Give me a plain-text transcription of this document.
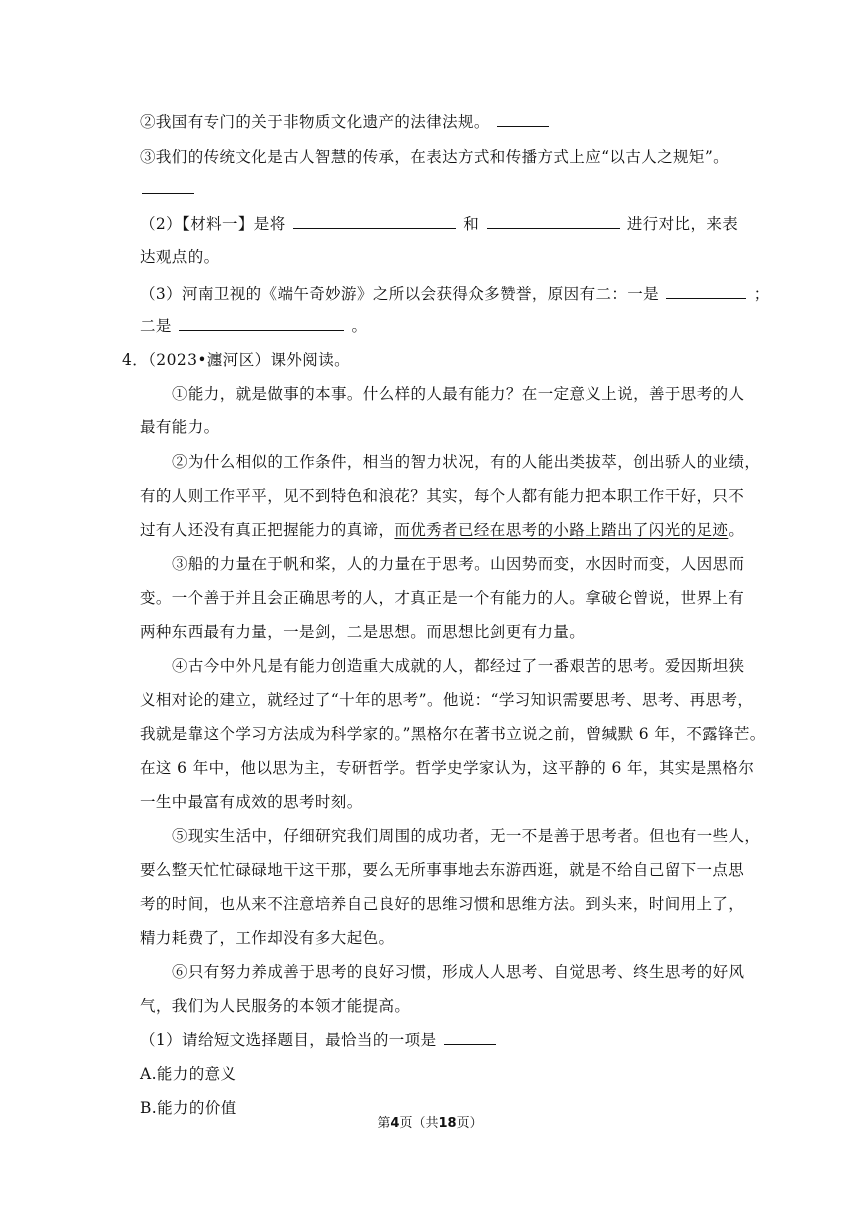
②我国有专门的关于非物质文化遗产的法律法规。
③我们的传统文化是古人智慧的传承，在表达方式和传播方式上应“以古人之规矩”。
（2）【材料一】是将	和	进行对比，来表
达观点的。
（3）河南卫视的《端午奇妙游》之所以会获得众多赞誉，原因有二：一是	；
二是	。
4．（2023•瀍河区）课外阅读。
①能力，就是做事的本事。什么样的人最有能力？在一定意义上说，善于思考的人
最有能力。
②为什么相似的工作条件，相当的智力状况，有的人能出类拔萃，创出骄人的业绩，
有的人则工作平平，见不到特色和浪花？其实，每个人都有能力把本职工作干好，只不
过有人还没有真正把握能力的真谛，而优秀者已经在思考的小路上踏出了闪光的足迹。
③船的力量在于帆和桨，人的力量在于思考。山因势而变，水因时而变，人因思而
变。一个善于并且会正确思考的人，才真正是一个有能力的人。拿破仑曾说，世界上有
两种东西最有力量，一是剑，二是思想。而思想比剑更有力量。
④古今中外凡是有能力创造重大成就的人，都经过了一番艰苦的思考。爱因斯坦狭
义相对论的建立，就经过了“十年的思考”。他说：“学习知识需要思考、思考、再思考，
我就是靠这个学习方法成为科学家的。”黑格尔在著书立说之前，曾缄默 6 年，不露锋芒。
在这 6 年中，他以思为主，专研哲学。哲学史学家认为，这平静的 6 年，其实是黑格尔
一生中最富有成效的思考时刻。
⑤现实生活中，仔细研究我们周围的成功者，无一不是善于思考者。但也有一些人，
要么整天忙忙碌碌地干这干那，要么无所事事地去东游西逛，就是不给自己留下一点思
考的时间，也从来不注意培养自己良好的思维习惯和思维方法。到头来，时间用上了，
精力耗费了，工作却没有多大起色。
⑥只有努力养成善于思考的良好习惯，形成人人思考、自觉思考、终生思考的好风
气，我们为人民服务的本领才能提高。
（1）请给短文选择题目，最恰当的一项是
A.能力的意义
B.能力的价值
第4页（共18页）
